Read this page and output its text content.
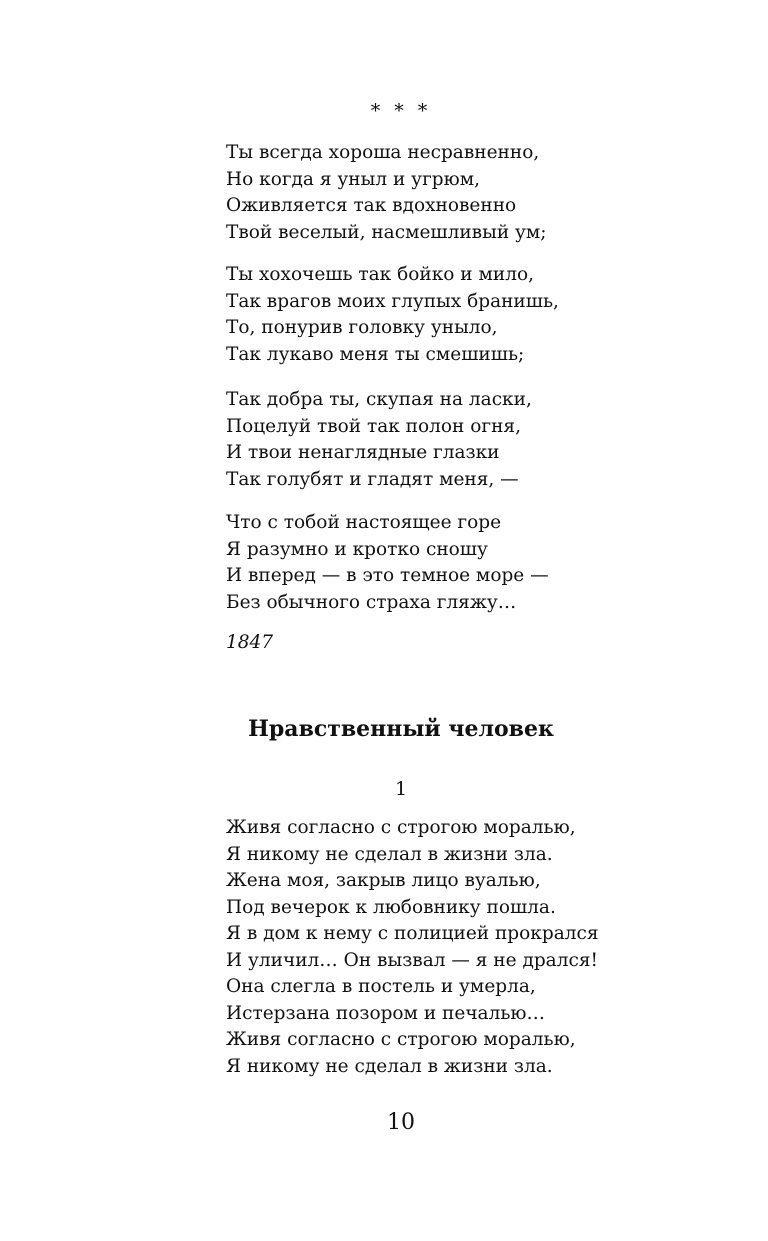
* * *
Ты всегда хороша несравненно,
Но когда я уныл и угрюм,
Оживляется так вдохновенно
Твой веселый, насмешливый ум;
Ты хохочешь так бойко и мило,
Так врагов моих глупых бранишь,
То, понурив головку уныло,
Так лукаво меня ты смешишь;
Так добра ты, скупая на ласки,
Поцелуй твой так полон огня,
И твои ненаглядные глазки
Так голубят и гладят меня, —
Что с тобой настоящее горе
Я разумно и кротко сношу
И вперед — в это темное море —
Без обычного страха гляжу…
1847
Нравственный человек
1
Живя согласно с строгою моралью,
Я никому не сделал в жизни зла.
Жена моя, закрыв лицо вуалью,
Под вечерок к любовнику пошла.
Я в дом к нему с полицией прокрался
И уличил… Он вызвал — я не дрался!
Она слегла в постель и умерла,
Истерзана позором и печалью…
Живя согласно с строгою моралью,
Я никому не сделал в жизни зла.
10
